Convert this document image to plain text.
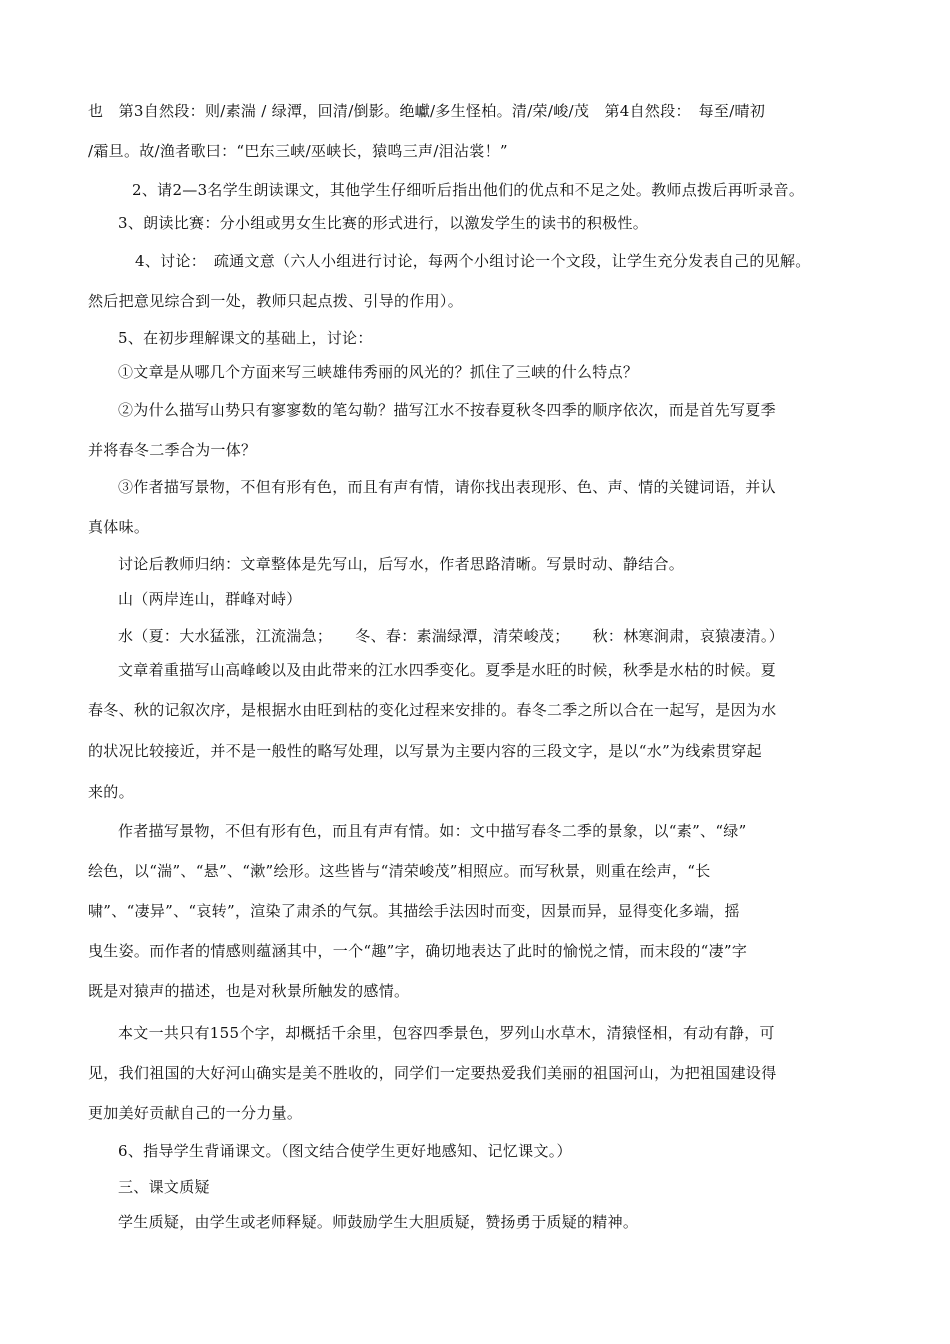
也　第3自然段：则/素湍 / 绿潭，回清/倒影。绝巘/多生怪柏。清/荣/峻/茂　第4自然段：　每至/晴初
/霜旦。故/渔者歌曰：“巴东三峡/巫峡长，猿鸣三声/泪沾裳！”
2、请2—3名学生朗读课文，其他学生仔细听后指出他们的优点和不足之处。教师点拨后再听录音。
3、朗读比赛：分小组或男女生比赛的形式进行，以激发学生的读书的积极性。
4、讨论：　疏通文意（六人小组进行讨论，每两个小组讨论一个文段，让学生充分发表自己的见解。
然后把意见综合到一处，教师只起点拨、引导的作用）。
5、在初步理解课文的基础上，讨论：
①文章是从哪几个方面来写三峡雄伟秀丽的风光的？抓住了三峡的什么特点？
②为什么描写山势只有寥寥数的笔勾勒？描写江水不按春夏秋冬四季的顺序依次，而是首先写夏季
并将春冬二季合为一体？
③作者描写景物，不但有形有色，而且有声有情，请你找出表现形、色、声、情的关键词语，并认
真体味。
讨论后教师归纳：文章整体是先写山，后写水，作者思路清晰。写景时动、静结合。
山（两岸连山，群峰对峙）
水（夏：大水猛涨，江流湍急；　　冬、春：素湍绿潭，清荣峻茂；　　秋：林寒涧肃，哀猿凄清。）
文章着重描写山高峰峻以及由此带来的江水四季变化。夏季是水旺的时候，秋季是水枯的时候。夏
春冬、秋的记叙次序，是根据水由旺到枯的变化过程来安排的。春冬二季之所以合在一起写，是因为水
的状况比较接近，并不是一般性的略写处理，以写景为主要内容的三段文字，是以“水”为线索贯穿起
来的。
作者描写景物，不但有形有色，而且有声有情。如：文中描写春冬二季的景象，以“素”、“绿”
绘色，以“湍”、“悬”、“漱”绘形。这些皆与“清荣峻茂”相照应。而写秋景，则重在绘声，“长
啸”、“凄异”、“哀转”，渲染了肃杀的气氛。其描绘手法因时而变，因景而异，显得变化多端，摇
曳生姿。而作者的情感则蕴涵其中，一个“趣”字，确切地表达了此时的愉悦之情，而末段的“凄”字
既是对猿声的描述，也是对秋景所触发的感情。
本文一共只有155个字，却概括千余里，包容四季景色，罗列山水草木，清猿怪相，有动有静，可
见，我们祖国的大好河山确实是美不胜收的，同学们一定要热爱我们美丽的祖国河山，为把祖国建设得
更加美好贡献自己的一分力量。
6、指导学生背诵课文。（图文结合使学生更好地感知、记忆课文。）
三、课文质疑
学生质疑，由学生或老师释疑。师鼓励学生大胆质疑，赞扬勇于质疑的精神。
